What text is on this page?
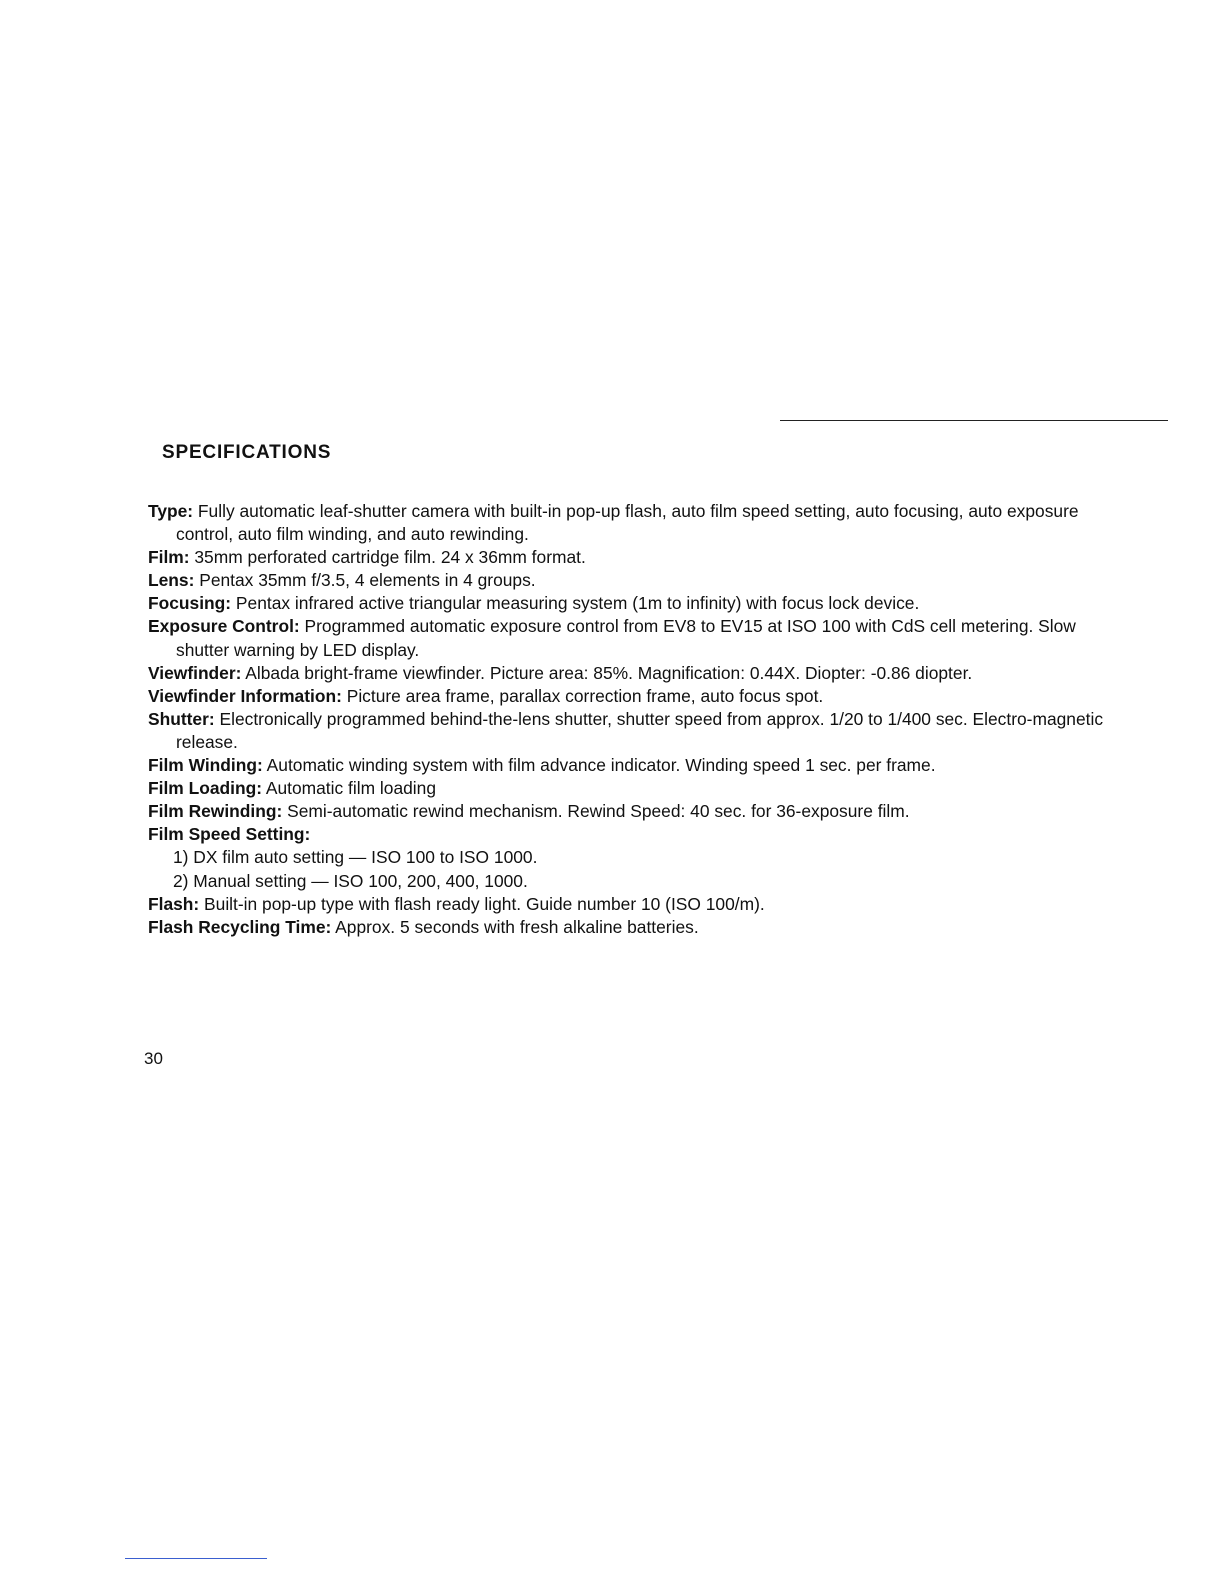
SPECIFICATIONS

Type: Fully automatic leaf-shutter camera with built-in pop-up flash, auto film speed setting, auto focusing, auto exposure control, auto film winding, and auto rewinding.

Film: 35mm perforated cartridge film. 24 x 36mm format.

Lens: Pentax 35mm f/3.5, 4 elements in 4 groups.

Focusing: Pentax infrared active triangular measuring system (1m to infinity) with focus lock device.

Exposure Control: Programmed automatic exposure control from EV8 to EV15 at ISO 100 with CdS cell metering. Slow shutter warning by LED display.

Viewfinder: Albada bright-frame viewfinder. Picture area: 85%. Magnification: 0.44X. Diopter: -0.86 diopter.

Viewfinder Information: Picture area frame, parallax correction frame, auto focus spot.

Shutter: Electronically programmed behind-the-lens shutter, shutter speed from approx. 1/20 to 1/400 sec. Electro-magnetic release.

Film Winding: Automatic winding system with film advance indicator. Winding speed 1 sec. per frame.

Film Loading: Automatic film loading

Film Rewinding: Semi-automatic rewind mechanism. Rewind Speed: 40 sec. for 36-exposure film.

Film Speed Setting:

1) DX film auto setting — ISO 100 to ISO 1000.

2) Manual setting — ISO 100, 200, 400, 1000.

Flash: Built-in pop-up type with flash ready light. Guide number 10 (ISO 100/m).

Flash Recycling Time: Approx. 5 seconds with fresh alkaline batteries.

30
